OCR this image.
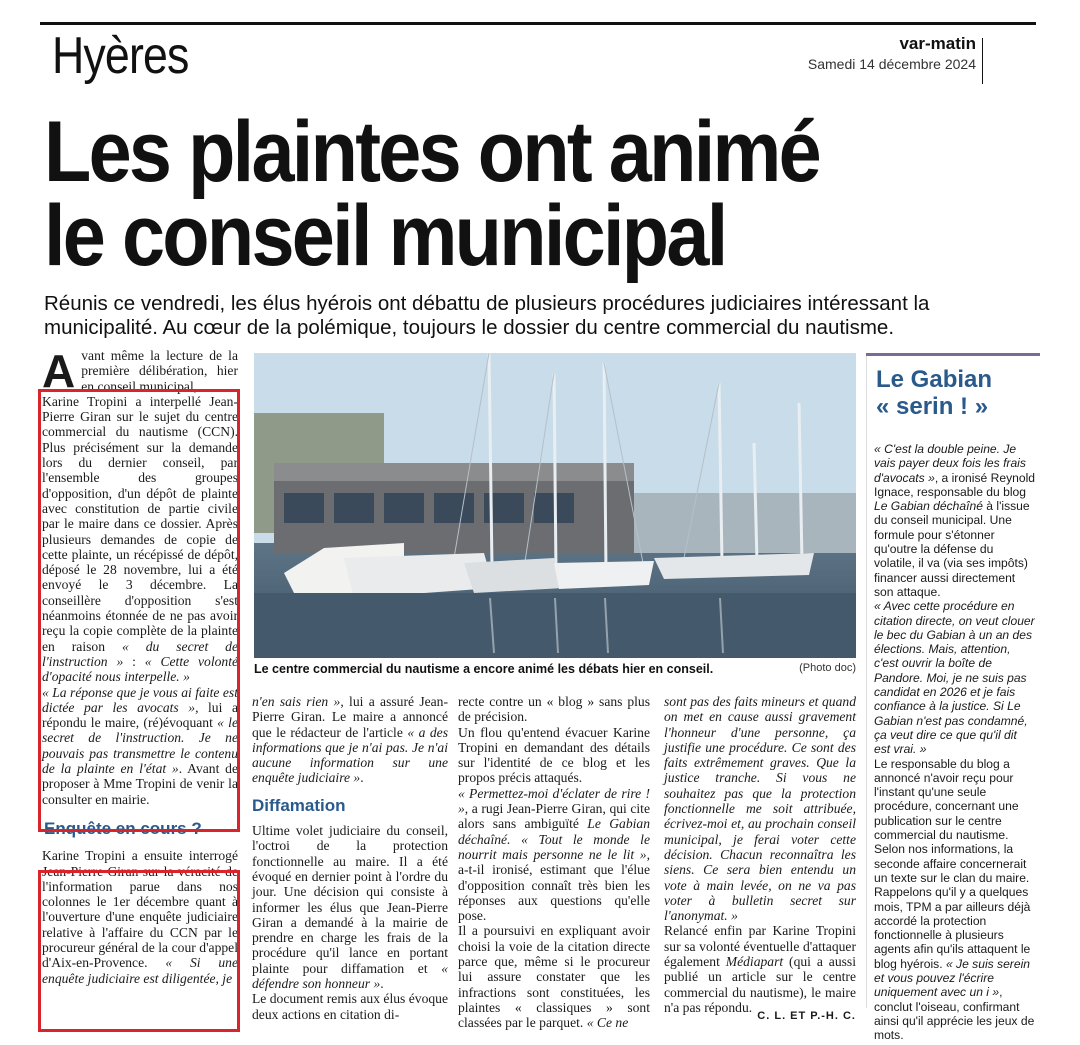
Hyères	var-matin
Samedi 14 décembre 2024
Les plaintes ont animé
le conseil municipal
Réunis ce vendredi, les élus hyérois ont débattu de plusieurs procédures judiciaires intéressant la municipalité. Au cœur de la polémique, toujours le dossier du centre commercial du nautisme.

Avant même la lecture de la première délibération, hier en conseil municipal,

Karine Tropini a interpellé Jean-Pierre Giran sur le sujet du centre commercial du nautisme (CCN). Plus précisément sur la demande lors du dernier conseil, par l'ensemble des groupes d'opposition, d'un dépôt de plainte avec constitution de partie civile par le maire dans ce dossier. Après plusieurs demandes de copie de cette plainte, un récépissé de dépôt, déposé le 28 novembre, lui a été envoyé le 3 décembre. La conseillère d'opposition s'est néanmoins étonnée de ne pas avoir reçu la copie complète de la plainte en raison « du secret de l'instruction » : « Cette volonté d'opacité nous interpelle. »

« La réponse que je vous ai faite est dictée par les avocats », lui a répondu le maire, (ré)évoquant « le secret de l'instruction. Je ne pouvais pas transmettre le contenu de la plainte en l'état ». Avant de proposer à Mme Tropini de venir la consulter en mairie.

Enquête en cours ?

Karine Tropini a ensuite interrogé Jean-Pierre Giran sur la véracité de l'information parue dans nos colonnes le 1er décembre quant à l'ouverture d'une enquête judiciaire relative à l'affaire du CCN par le procureur général de la cour d'appel d'Aix-en-Provence. « Si une enquête judiciaire est diligentée, je

Le centre commercial du nautisme a encore animé les débats hier en conseil.	(Photo doc)

n'en sais rien », lui a assuré Jean-Pierre Giran. Le maire a annoncé que le rédacteur de l'article « a des informations que je n'ai pas. Je n'ai aucune information sur une enquête judiciaire ».

Diffamation

Ultime volet judiciaire du conseil, l'octroi de la protection fonctionnelle au maire. Il a été évoqué en dernier point à l'ordre du jour. Une décision qui consiste à informer les élus que Jean-Pierre Giran a demandé à la mairie de prendre en charge les frais de la procédure qu'il lance en portant plainte pour diffamation et « défendre son honneur ».

Le document remis aux élus évoque deux actions en citation di-

recte contre un « blog » sans plus de précision.

Un flou qu'entend évacuer Karine Tropini en demandant des détails sur l'identité de ce blog et les propos précis attaqués.

« Permettez-moi d'éclater de rire ! », a rugi Jean-Pierre Giran, qui cite alors sans ambiguïté Le Gabian déchaîné. « Tout le monde le nourrit mais personne ne le lit », a-t-il ironisé, estimant que l'élue d'opposition connaît très bien les réponses aux questions qu'elle pose.

Il a poursuivi en expliquant avoir choisi la voie de la citation directe parce que, même si le procureur lui assure constater que les infractions sont constituées, les plaintes « classiques » sont classées par le parquet. « Ce ne

sont pas des faits mineurs et quand on met en cause aussi gravement l'honneur d'une personne, ça justifie une procédure. Ce sont des faits extrêmement graves. Que la justice tranche. Si vous ne souhaitez pas que la protection fonctionnelle me soit attribuée, écrivez-moi et, au prochain conseil municipal, je ferai voter cette décision. Chacun reconnaîtra les siens. Ce sera bien entendu un vote à main levée, on ne va pas voter à bulletin secret sur l'anonymat. »

Relancé enfin par Karine Tropini sur sa volonté éventuelle d'attaquer également Médiapart (qui a aussi publié un article sur le centre commercial du nautisme), le maire n'a pas répondu.

C. L. ET P.-H. C.
Le Gabian
« serin ! »

« C'est la double peine. Je vais payer deux fois les frais d'avocats », a ironisé Reynold Ignace, responsable du blog Le Gabian déchaîné à l'issue du conseil municipal. Une formule pour s'étonner qu'outre la défense du volatile, il va (via ses impôts) financer aussi directement son attaque.

« Avec cette procédure en citation directe, on veut clouer le bec du Gabian à un an des élections. Mais, attention, c'est ouvrir la boîte de Pandore. Moi, je ne suis pas candidat en 2026 et je fais confiance à la justice. Si Le Gabian n'est pas condamné, ça veut dire ce que qu'il dit est vrai. »

Le responsable du blog a annoncé n'avoir reçu pour l'instant qu'une seule procédure, concernant une publication sur le centre commercial du nautisme. Selon nos informations, la seconde affaire concernerait un texte sur le clan du maire. Rappelons qu'il y a quelques mois, TPM a par ailleurs déjà accordé la protection fonctionnelle à plusieurs agents afin qu'ils attaquent le blog hyérois. « Je suis serein et vous pouvez l'écrire uniquement avec un i », conclut l'oiseau, confirmant ainsi qu'il apprécie les jeux de mots.
